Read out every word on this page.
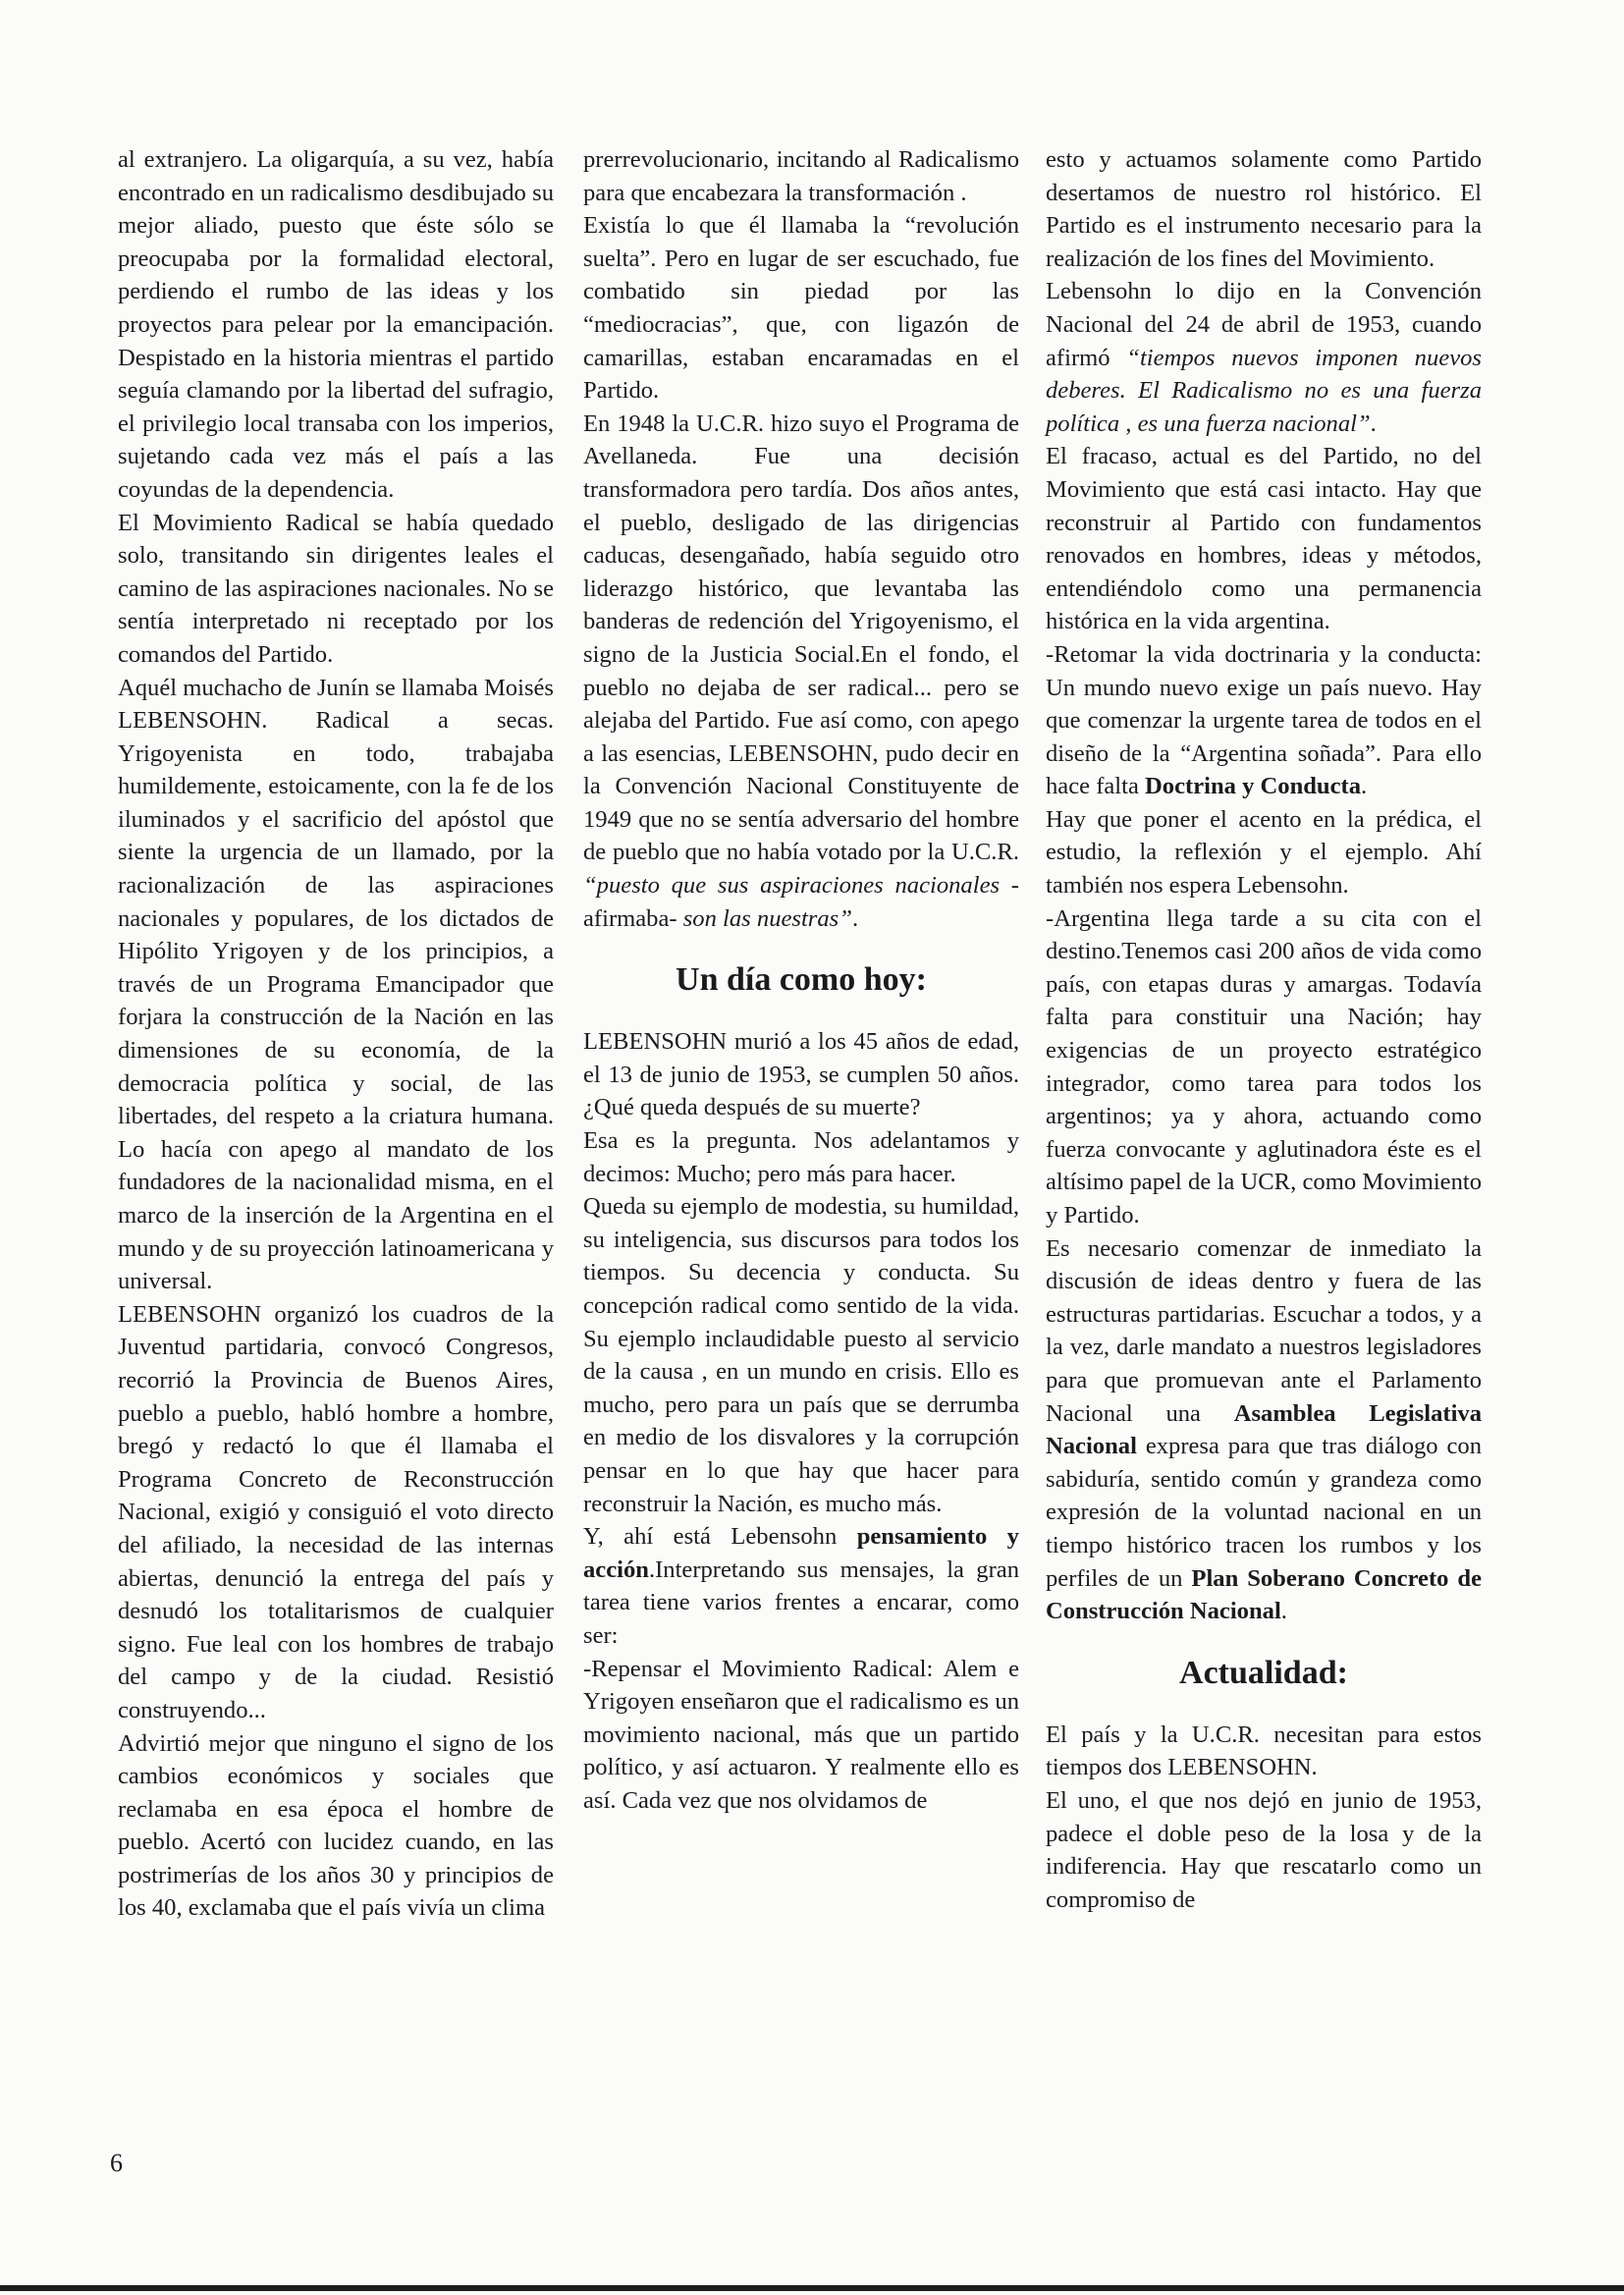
al extranjero. La oligarquía, a su vez, había encontrado en un radicalismo desdibujado su mejor aliado, puesto que éste sólo se preocupaba por la formalidad electoral, perdiendo el rumbo de las ideas y los proyectos para pelear por la emancipación. Despistado en la historia mientras el partido seguía clamando por la libertad del sufragio, el privilegio local transaba con los imperios, sujetando cada vez más el país a las coyundas de la dependencia.

El Movimiento Radical se había quedado solo, transitando sin dirigentes leales el camino de las aspiraciones nacionales. No se sentía interpretado ni receptado por los comandos del Partido.

Aquél muchacho de Junín se llamaba Moisés LEBENSOHN. Radical a secas. Yrigoyenista en todo, trabajaba humildemente, estoicamente, con la fe de los iluminados y el sacrificio del apóstol que siente la urgencia de un llamado, por la racionalización de las aspiraciones nacionales y populares, de los dictados de Hipólito Yrigoyen y de los principios, a través de un Programa Emancipador que forjara la construcción de la Nación en las dimensiones de su economía, de la democracia política y social, de las libertades, del respeto a la criatura humana. Lo hacía con apego al mandato de los fundadores de la nacionalidad misma, en el marco de la inserción de la Argentina en el mundo y de su proyección latinoamericana y universal.

LEBENSOHN organizó los cuadros de la Juventud partidaria, convocó Congresos, recorrió la Provincia de Buenos Aires, pueblo a pueblo, habló hombre a hombre, bregó y redactó lo que él llamaba el Programa Concreto de Reconstrucción Nacional, exigió y consiguió el voto directo del afiliado, la necesidad de las internas abiertas, denunció la entrega del país y desnudó los totalitarismos de cualquier signo. Fue leal con los hombres de trabajo del campo y de la ciudad. Resistió construyendo...

Advirtió mejor que ninguno el signo de los cambios económicos y sociales que reclamaba en esa época el hombre de pueblo. Acertó con lucidez cuando, en las postrimerías de los años 30 y principios de los 40, exclamaba que el país vivía un clima

prerrevolucionario, incitando al Radicalismo para que encabezara la transformación .

Existía lo que él llamaba la “revolución suelta”. Pero en lugar de ser escuchado, fue combatido sin piedad por las “mediocracias”, que, con ligazón de camarillas, estaban encaramadas en el Partido.

En 1948 la U.C.R. hizo suyo el Programa de Avellaneda. Fue una decisión transformadora pero tardía. Dos años antes, el pueblo, desligado de las dirigencias caducas, desengañado, había seguido otro liderazgo histórico, que levantaba las banderas de redención del Yrigoyenismo, el signo de la Justicia Social.En el fondo, el pueblo no dejaba de ser radical... pero se alejaba del Partido. Fue así como, con apego a las esencias, LEBENSOHN, pudo decir en la Convención Nacional Constituyente de 1949 que no se sentía adversario del hombre de pueblo que no había votado por la U.C.R. “puesto que sus aspiraciones nacionales -afirmaba- son las nuestras”.

Un día como hoy:

LEBENSOHN murió a los 45 años de edad, el 13 de junio de 1953, se cumplen 50 años. ¿Qué queda después de su muerte?

Esa es la pregunta. Nos adelantamos y decimos: Mucho; pero más para hacer.

Queda su ejemplo de modestia, su humildad, su inteligencia, sus discursos para todos los tiempos. Su decencia y conducta. Su concepción radical como sentido de la vida. Su ejemplo inclaudidable puesto al servicio de la causa , en un mundo en crisis. Ello es mucho, pero para un país que se derrumba en medio de los disvalores y la corrupción pensar en lo que hay que hacer para reconstruir la Nación, es mucho más.

Y, ahí está Lebensohn pensamiento y acción.Interpretando sus mensajes, la gran tarea tiene varios frentes a encarar, como ser:

-Repensar el Movimiento Radical: Alem e Yrigoyen enseñaron que el radicalismo es un movimiento nacional, más que un partido político, y así actuaron. Y realmente ello es así. Cada vez que nos olvidamos de

esto y actuamos solamente como Partido desertamos de nuestro rol histórico. El Partido es el instrumento necesario para la realización de los fines del Movimiento.

Lebensohn lo dijo en la Convención Nacional del 24 de abril de 1953, cuando afirmó “tiempos nuevos imponen nuevos deberes. El Radicalismo no es una fuerza política , es una fuerza nacional”.

El fracaso, actual es del Partido, no del Movimiento que está casi intacto. Hay que reconstruir al Partido con fundamentos renovados en hombres, ideas y métodos, entendiéndolo como una permanencia histórica en la vida argentina.

-Retomar la vida doctrinaria y la conducta: Un mundo nuevo exige un país nuevo. Hay que comenzar la urgente tarea de todos en el diseño de la “Argentina soñada”. Para ello hace falta Doctrina y Conducta.

Hay que poner el acento en la prédica, el estudio, la reflexión y el ejemplo. Ahí también nos espera Lebensohn.

-Argentina llega tarde a su cita con el destino.Tenemos casi 200 años de vida como país, con etapas duras y amargas. Todavía falta para constituir una Nación; hay exigencias de un proyecto estratégico integrador, como tarea para todos los argentinos; ya y ahora, actuando como fuerza convocante y aglutinadora éste es el altísimo papel de la UCR, como Movimiento y Partido.

Es necesario comenzar de inmediato la discusión de ideas dentro y fuera de las estructuras partidarias. Escuchar a todos, y a la vez, darle mandato a nuestros legisladores para que promuevan ante el Parlamento Nacional una Asamblea Legislativa Nacional expresa para que tras diálogo con sabiduría, sentido común y grandeza como expresión de la voluntad nacional en un tiempo histórico tracen los rumbos y los perfiles de un Plan Soberano Concreto de Construcción Nacional.

Actualidad:

El país y la U.C.R. necesitan para estos tiempos dos LEBENSOHN.

El uno, el que nos dejó en junio de 1953, padece el doble peso de la losa y de la indiferencia. Hay que rescatarlo como un compromiso de

6
